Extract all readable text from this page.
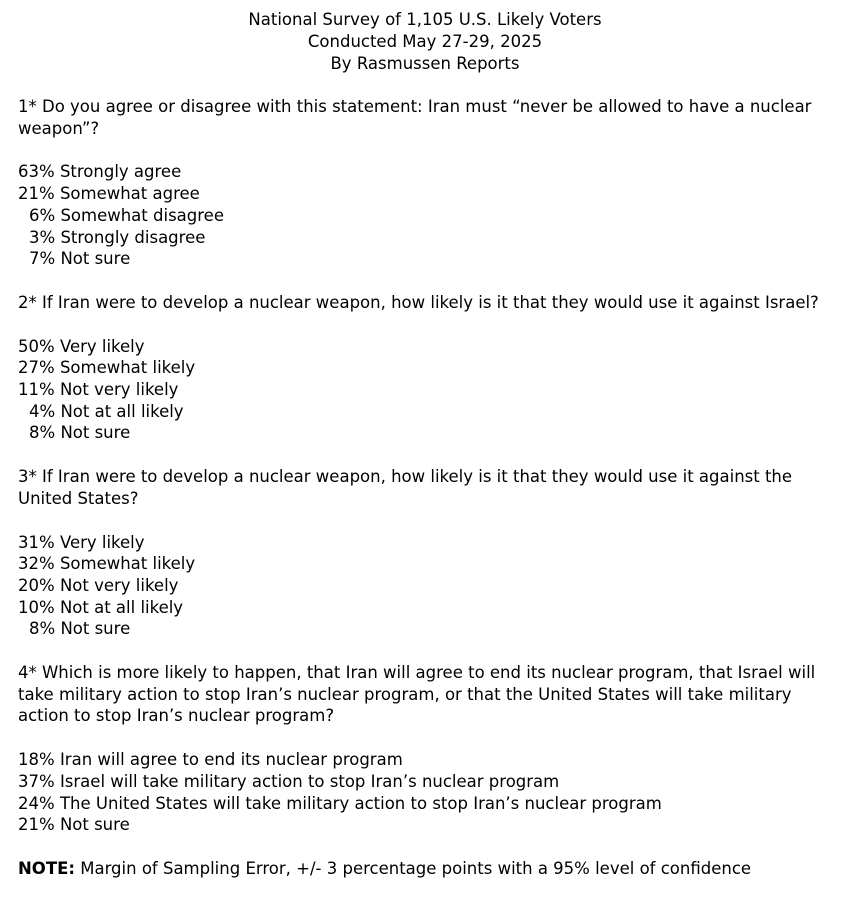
National Survey of 1,105 U.S. Likely Voters
Conducted May 27-29, 2025
By Rasmussen Reports
1* Do you agree or disagree with this statement: Iran must “never be allowed to have a nuclear weapon”?
63% Strongly agree
21% Somewhat agree
6% Somewhat disagree
3% Strongly disagree
7% Not sure
2* If Iran were to develop a nuclear weapon, how likely is it that they would use it against Israel?
50% Very likely
27% Somewhat likely
11% Not very likely
4% Not at all likely
8% Not sure
3* If Iran were to develop a nuclear weapon, how likely is it that they would use it against the United States?
31% Very likely
32% Somewhat likely
20% Not very likely
10% Not at all likely
8% Not sure
4* Which is more likely to happen, that Iran will agree to end its nuclear program, that Israel will take military action to stop Iran’s nuclear program, or that the United States will take military action to stop Iran’s nuclear program?
18% Iran will agree to end its nuclear program
37% Israel will take military action to stop Iran’s nuclear program
24% The United States will take military action to stop Iran’s nuclear program
21% Not sure
NOTE: Margin of Sampling Error, +/- 3 percentage points with a 95% level of confidence
